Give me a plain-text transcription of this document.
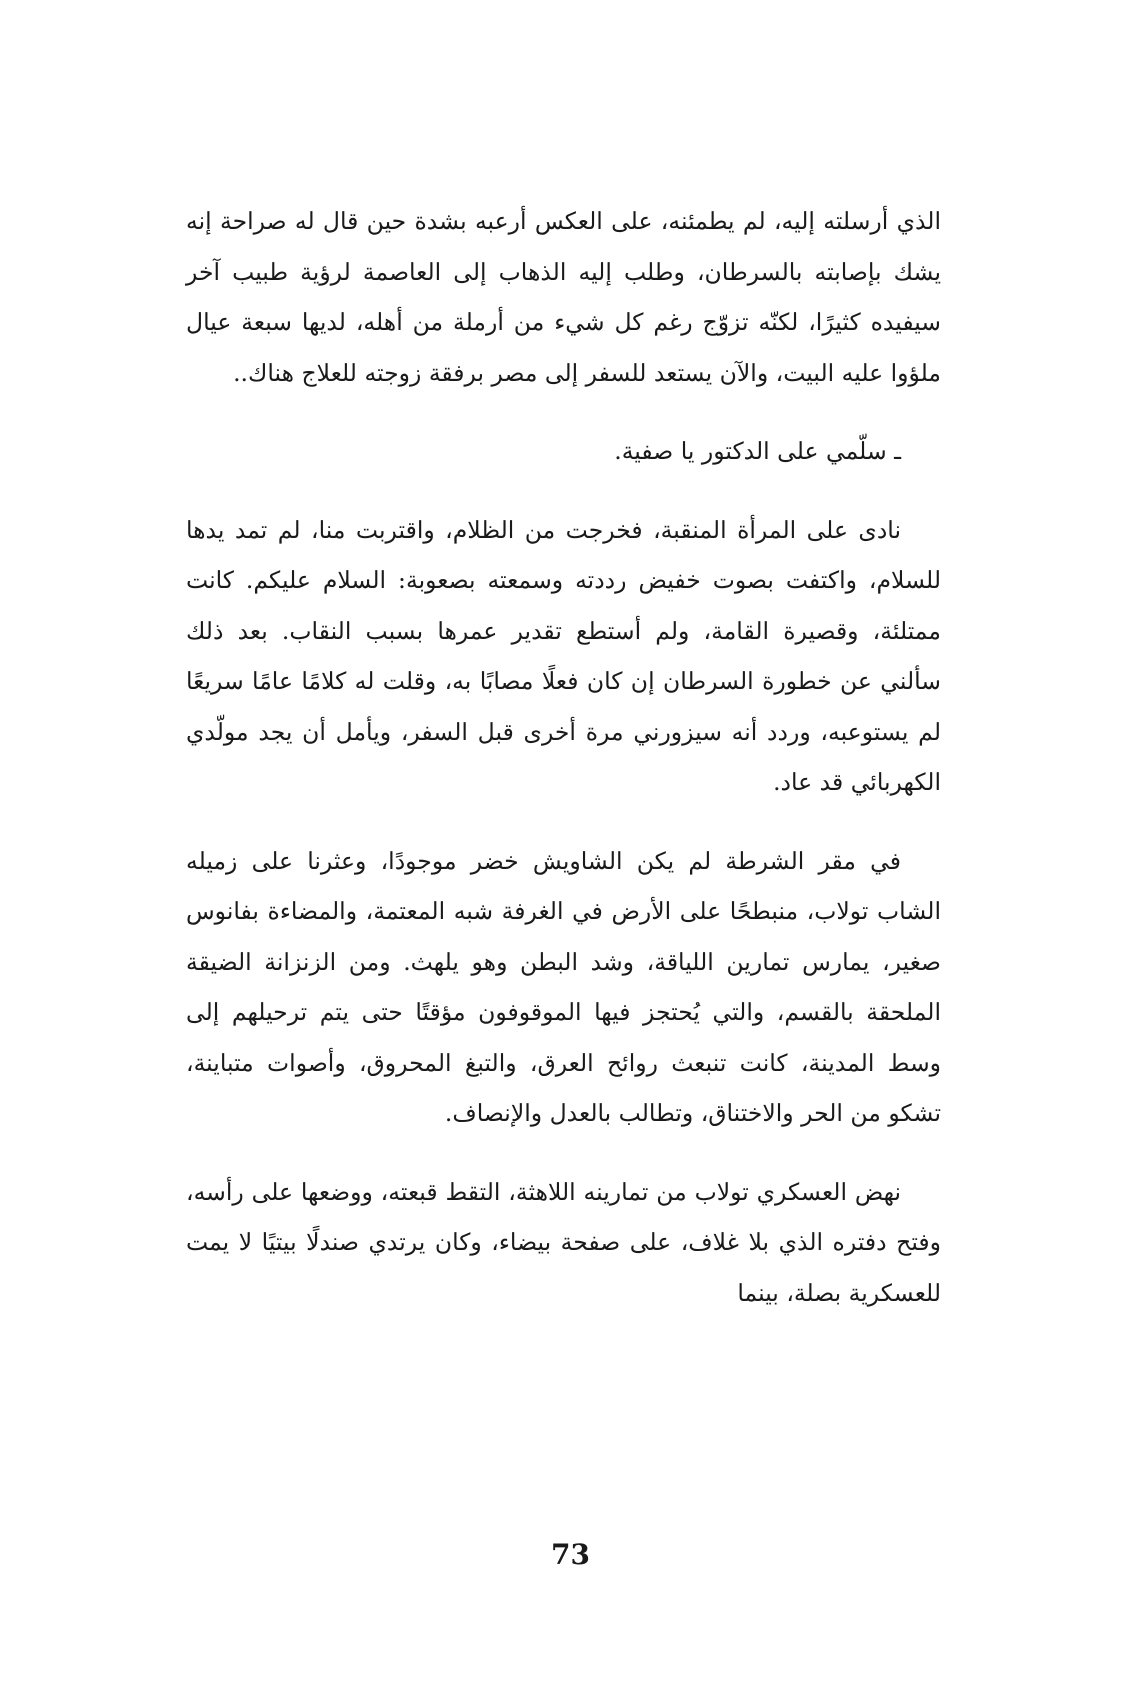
الذي أرسلته إليه، لم يطمئنه، على العكس أرعبه بشدة حين قال له صراحة إنه يشك بإصابته بالسرطان، وطلب إليه الذهاب إلى العاصمة لرؤية طبيب آخر سيفيده كثيرًا، لكنّه تزوّج رغم كل شيء من أرملة من أهله، لديها سبعة عيال ملؤوا عليه البيت، والآن يستعد للسفر إلى مصر برفقة زوجته للعلاج هناك..

ـ سلّمي على الدكتور يا صفية.

نادى على المرأة المنقبة، فخرجت من الظلام، واقتربت منا، لم تمد يدها للسلام، واكتفت بصوت خفيض رددته وسمعته بصعوبة: السلام عليكم. كانت ممتلئة، وقصيرة القامة، ولم أستطع تقدير عمرها بسبب النقاب. بعد ذلك سألني عن خطورة السرطان إن كان فعلًا مصابًا به، وقلت له كلامًا عامًا سريعًا لم يستوعبه، وردد أنه سيزورني مرة أخرى قبل السفر، ويأمل أن يجد مولّدي الكهربائي قد عاد.

في مقر الشرطة لم يكن الشاويش خضر موجودًا، وعثرنا على زميله الشاب تولاب، منبطحًا على الأرض في الغرفة شبه المعتمة، والمضاءة بفانوس صغير، يمارس تمارين اللياقة، وشد البطن وهو يلهث. ومن الزنزانة الضيقة الملحقة بالقسم، والتي يُحتجز فيها الموقوفون مؤقتًا حتى يتم ترحيلهم إلى وسط المدينة، كانت تنبعث روائح العرق، والتبغ المحروق، وأصوات متباينة، تشكو من الحر والاختناق، وتطالب بالعدل والإنصاف.

نهض العسكري تولاب من تمارينه اللاهثة، التقط قبعته، ووضعها على رأسه، وفتح دفتره الذي بلا غلاف، على صفحة بيضاء، وكان يرتدي صندلًا بيتيًا لا يمت للعسكرية بصلة، بينما

73
